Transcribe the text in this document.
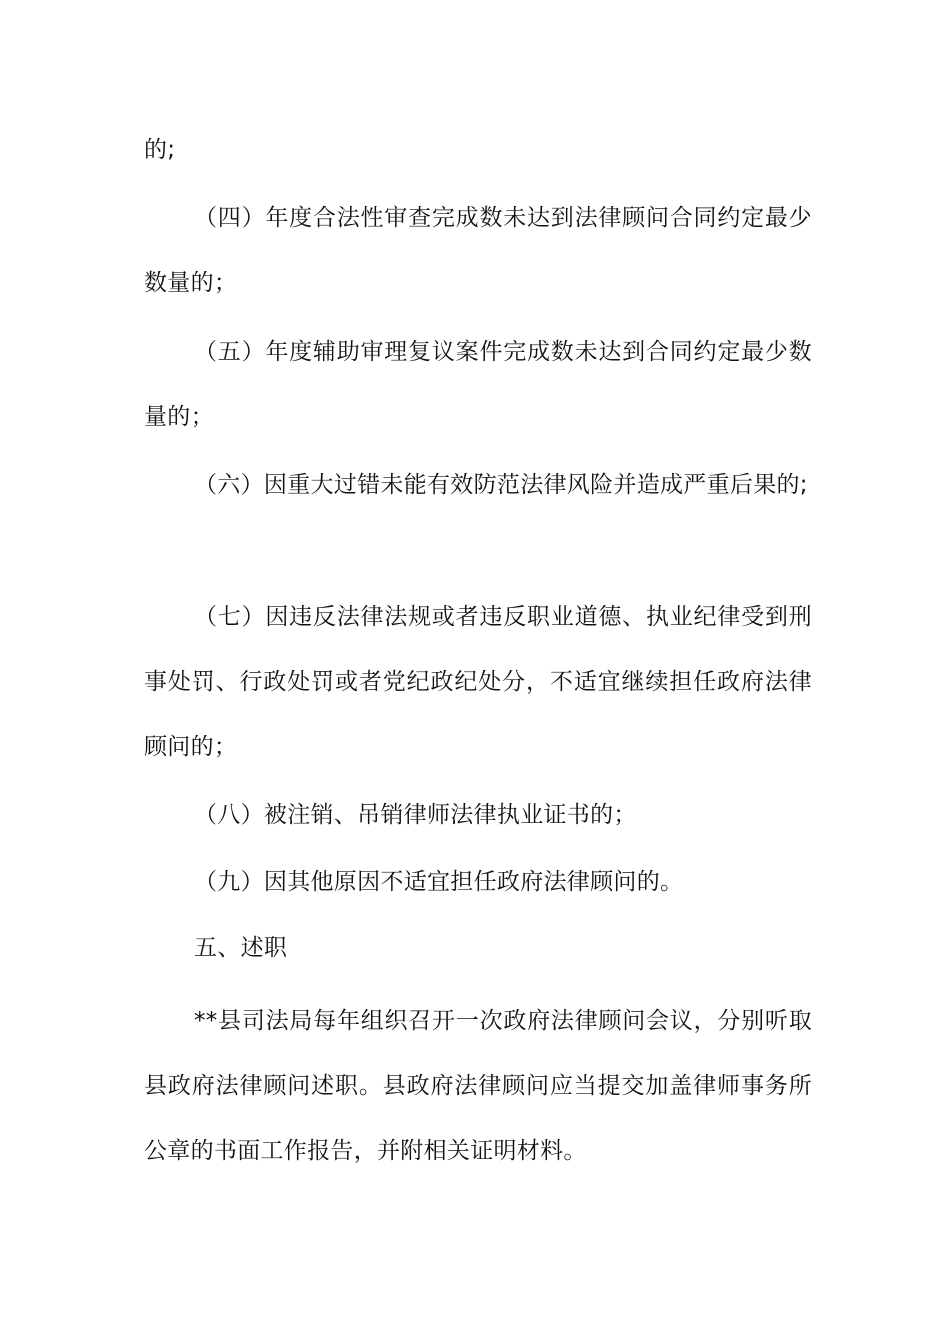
的;

（四）年度合法性审查完成数未达到法律顾问合同约定最少数量的；

（五）年度辅助审理复议案件完成数未达到合同约定最少数量的；

（六）因重大过错未能有效防范法律风险并造成严重后果的;

（七）因违反法律法规或者违反职业道德、执业纪律受到刑事处罚、行政处罚或者党纪政纪处分，不适宜继续担任政府法律顾问的；

（八）被注销、吊销律师法律执业证书的；

（九）因其他原因不适宜担任政府法律顾问的。

五、述职

**县司法局每年组织召开一次政府法律顾问会议，分别听取县政府法律顾问述职。县政府法律顾问应当提交加盖律师事务所公章的书面工作报告，并附相关证明材料。
